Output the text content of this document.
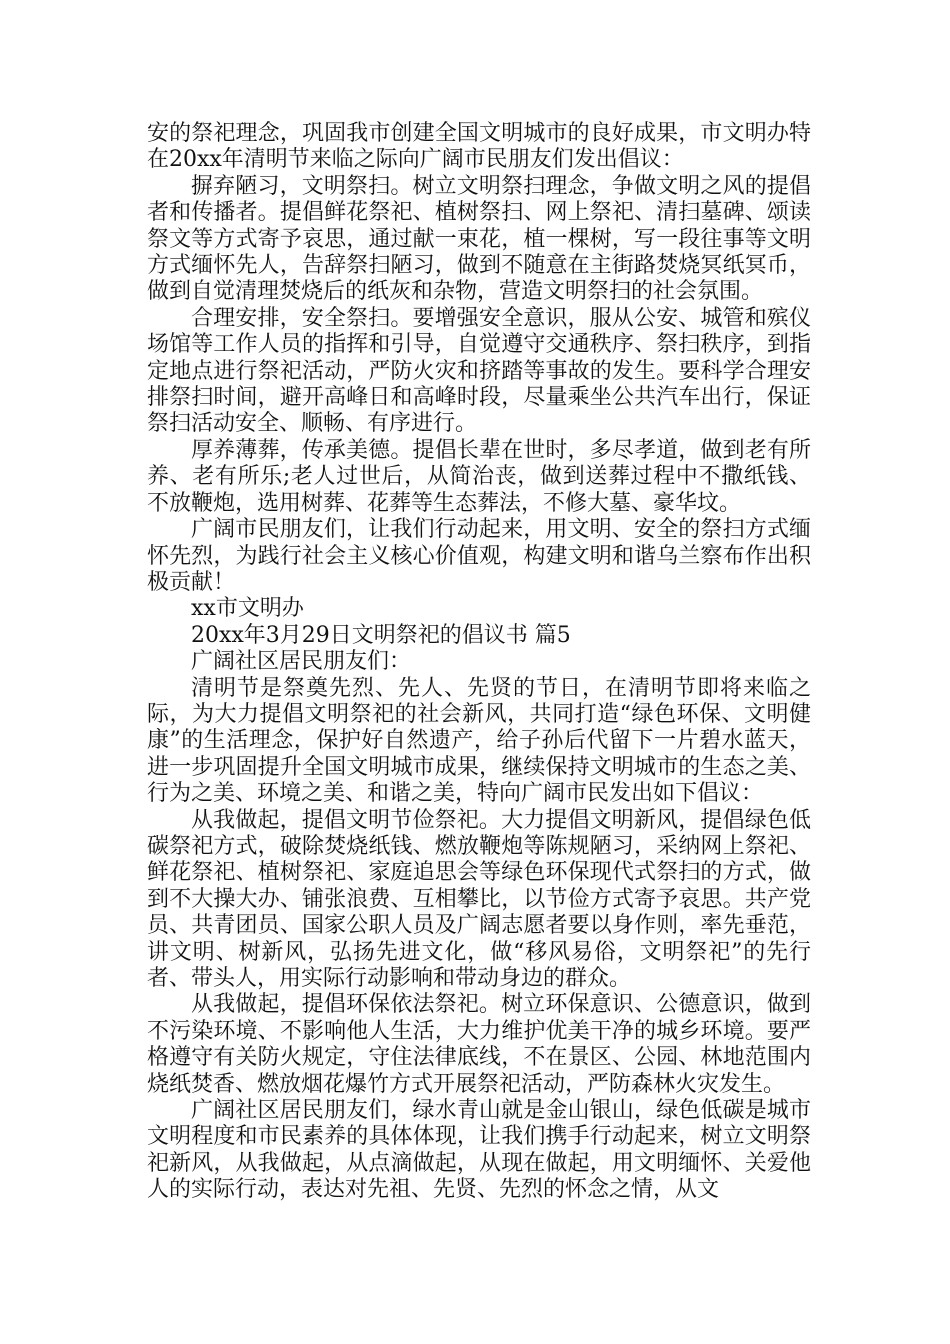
安的祭祀理念，巩固我市创建全国文明城市的良好成果，市文明办特在20xx年清明节来临之际向广阔市民朋友们发出倡议：

摒弃陋习，文明祭扫。树立文明祭扫理念，争做文明之风的提倡者和传播者。提倡鲜花祭祀、植树祭扫、网上祭祀、清扫墓碑、颂读祭文等方式寄予哀思，通过献一束花，植一棵树，写一段往事等文明方式缅怀先人，告辞祭扫陋习，做到不随意在主街路焚烧冥纸冥币，做到自觉清理焚烧后的纸灰和杂物，营造文明祭扫的社会氛围。

合理安排，安全祭扫。要增强安全意识，服从公安、城管和殡仪场馆等工作人员的指挥和引导，自觉遵守交通秩序、祭扫秩序，到指定地点进行祭祀活动，严防火灾和挤踏等事故的发生。要科学合理安排祭扫时间，避开高峰日和高峰时段，尽量乘坐公共汽车出行，保证祭扫活动安全、顺畅、有序进行。

厚养薄葬，传承美德。提倡长辈在世时，多尽孝道，做到老有所养、老有所乐;老人过世后，从简治丧，做到送葬过程中不撒纸钱、不放鞭炮，选用树葬、花葬等生态葬法，不修大墓、豪华坟。

广阔市民朋友们，让我们行动起来，用文明、安全的祭扫方式缅怀先烈，为践行社会主义核心价值观，构建文明和谐乌兰察布作出积极贡献！

xx市文明办

20xx年3月29日文明祭祀的倡议书 篇5

广阔社区居民朋友们：

清明节是祭奠先烈、先人、先贤的节日，在清明节即将来临之际，为大力提倡文明祭祀的社会新风，共同打造“绿色环保、文明健康”的生活理念，保护好自然遗产，给子孙后代留下一片碧水蓝天，进一步巩固提升全国文明城市成果，继续保持文明城市的生态之美、行为之美、环境之美、和谐之美，特向广阔市民发出如下倡议：

从我做起，提倡文明节俭祭祀。大力提倡文明新风，提倡绿色低碳祭祀方式，破除焚烧纸钱、燃放鞭炮等陈规陋习，采纳网上祭祀、鲜花祭祀、植树祭祀、家庭追思会等绿色环保现代式祭扫的方式，做到不大操大办、铺张浪费、互相攀比，以节俭方式寄予哀思。共产党员、共青团员、国家公职人员及广阔志愿者要以身作则，率先垂范，讲文明、树新风，弘扬先进文化，做“移风易俗，文明祭祀”的先行者、带头人，用实际行动影响和带动身边的群众。

从我做起，提倡环保依法祭祀。树立环保意识、公德意识，做到不污染环境、不影响他人生活，大力维护优美干净的城乡环境。要严格遵守有关防火规定，守住法律底线，不在景区、公园、林地范围内烧纸焚香、燃放烟花爆竹方式开展祭祀活动，严防森林火灾发生。

广阔社区居民朋友们，绿水青山就是金山银山，绿色低碳是城市文明程度和市民素养的具体体现，让我们携手行动起来，树立文明祭祀新风，从我做起，从点滴做起，从现在做起，用文明缅怀、关爱他人的实际行动，表达对先祖、先贤、先烈的怀念之情，从文
